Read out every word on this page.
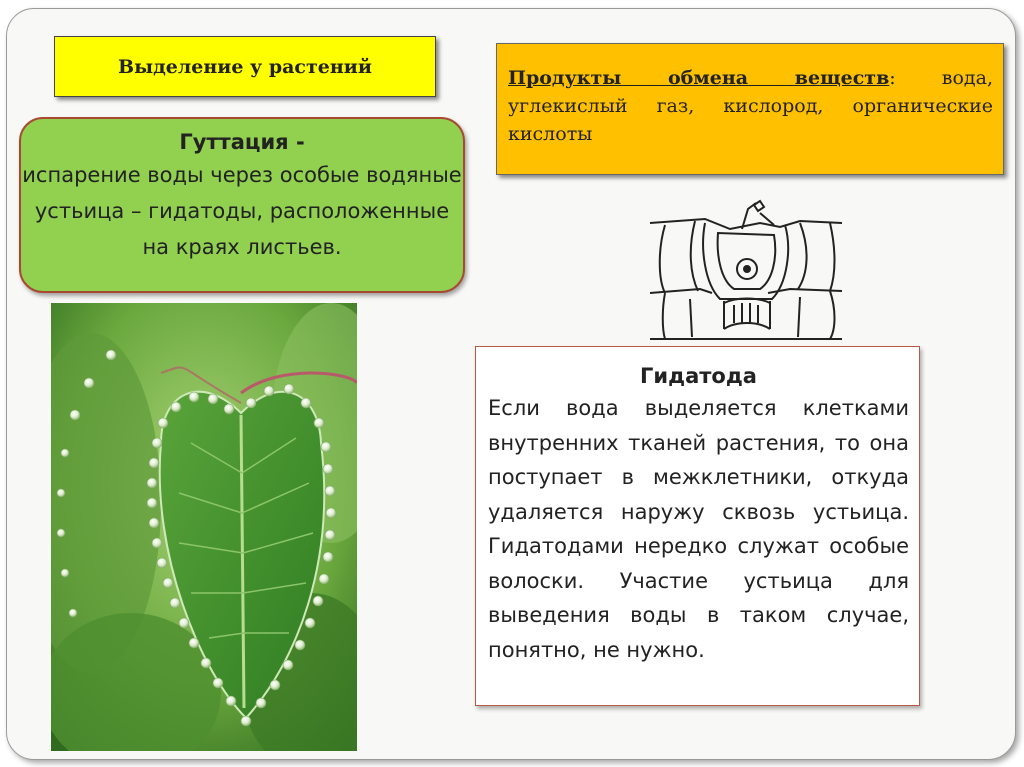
Выделение у растений
Продукты обмена веществ: вода, углекислый газ, кислород, органические кислоты
Гуттация -
испарение воды через особые водяные устьица – гидатоды, расположенные на краях листьев.
Гидатода
Если вода выделяется клетками внутренних тканей растения, то она поступает в межклетники, откуда удаляется наружу сквозь устьица. Гидатодами нередко служат особые волоски. Участие устьица для выведения воды в таком случае, понятно, не нужно.
